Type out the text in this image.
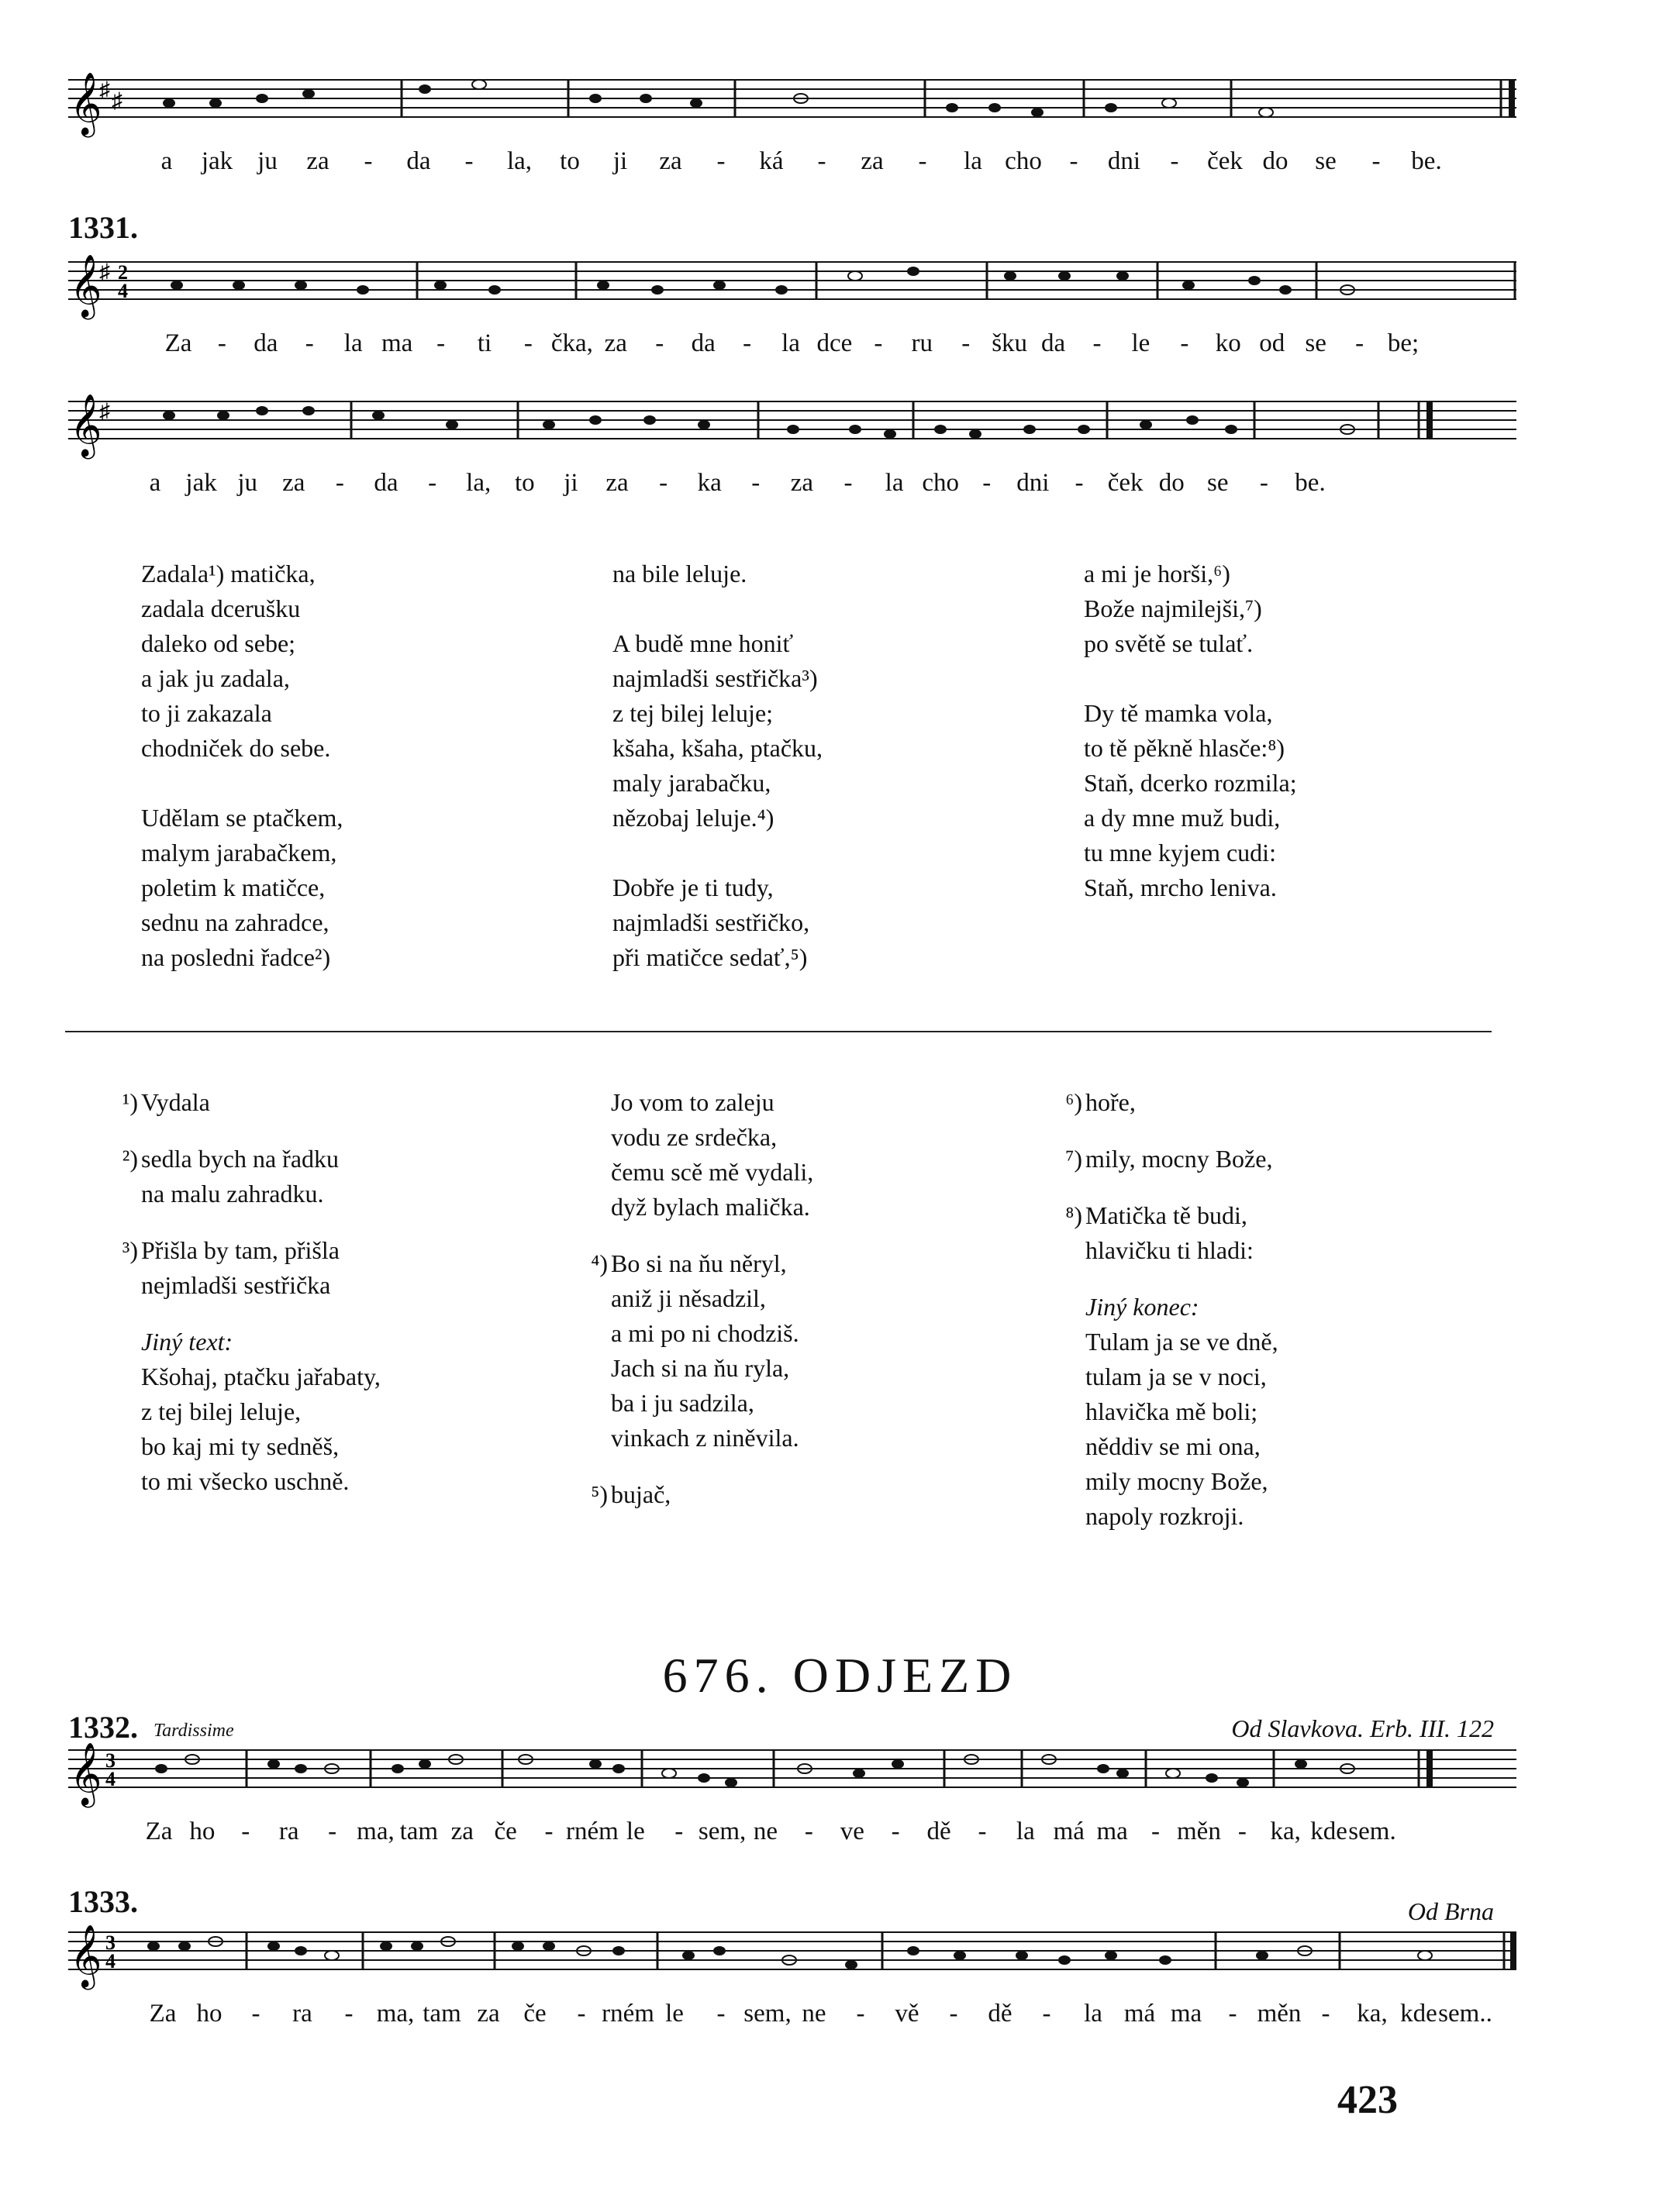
𝄞
♯ ♯
a jak ju za - da - la, to ji za - ká - za - la cho - dni - ček do se - be.
1331.
𝄞
♯ 2
4
Za - da - la ma - ti - čka, za - da - la dce - ru - šku da - le - ko od se - be;
𝄞
♯
a jak ju za - da - la, to ji za - ka - za - la cho - dni - ček do se - be.
Zadala¹) matička,
zadala dcerušku
daleko od sebe;
a jak ju zadala,
to ji zakazala
chodniček do sebe.
Udělam se ptačkem,
malym jarabačkem,
poletim k matičce,
sednu na zahradce,
na posledni řadce²)
na bile leluje.
A budě mne honiť
najmladši sestřička³)
z tej bilej leluje;
kšaha, kšaha, ptačku,
maly jarabačku,
nězobaj leluje.⁴)
Dobře je ti tudy,
najmladši sestřičko,
při matičce sedať,⁵)
a mi je horši,⁶)
Bože najmilejši,⁷)
po světě se tulať.
Dy tě mamka vola,
to tě pěkně hlasče:⁸)
Staň, dcerko rozmila;
a dy mne muž budi,
tu mne kyjem cudi:
Staň, mrcho leniva.
¹) Vydala
²) sedla bych na řadku
na malu zahradku.
³) Přišla by tam, přišla
nejmladši sestřička
Jiný text:
Kšohaj, ptačku jařabaty,
z tej bilej leluje,
bo kaj mi ty sedněš,
to mi všecko uschně.
Jo vom to zaleju
vodu ze srdečka,
čemu scě mě vydali,
dyž bylach malička.
⁴) Bo si na ňu něryl,
aniž ji něsadzil,
a mi po ni chodziš.
Jach si na ňu ryla,
ba i ju sadzila,
vinkach z niněvila.
⁵) bujač,
⁶) hoře,
⁷) mily, mocny Bože,
⁸) Matička tě budi,
hlavičku ti hladi:
Jiný konec:
Tulam ja se ve dně,
tulam ja se v noci,
hlavička mě boli;
něddiv se mi ona,
mily mocny Bože,
napoly rozkroji.
676. ODJEZD
1332. Tardissime	Od Slavkova. Erb. III. 122
𝄞 3
4
Za ho - ra - ma, tam za če - rném le - sem, ne - ve - dě - la má ma - měn - ka, kde sem.
1333.	Od Brna
𝄞 3
4
Za ho - ra - ma, tam za če - rném le - sem, ne - vě - dě - la má ma - měn - ka, kde sem..
423
